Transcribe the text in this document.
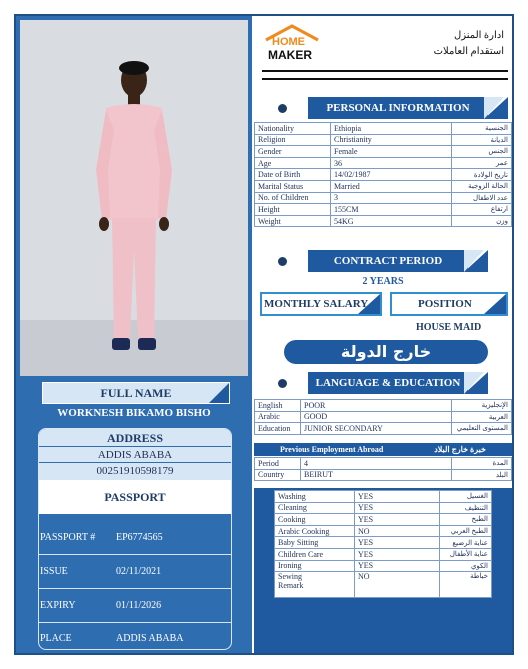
FULL NAME
WORKNESH BIKAMO BISHO
ADDRESS
ADDIS ABABA
00251910598179
PASSPORT
PASSPORT # EP6774565
ISSUE	02/11/2021
EXPIRY	01/11/2026
PLACE	ADDIS ABABA
HOME
MAKER
ادارة المنزل
استقدام العاملات
PERSONAL INFORMATION
Nationality	Ethiopia	الجنسية
Religion	Christianity	الديانة
Gender	Female	الجنس
Age	36	عمر
Date of Birth	14/02/1987	تاريخ الولادة
Marital Status	Married	الحالة الزوجية
No. of Children	3	عدد الاطفال
Height	155CM	ارتفاع
Weight	54KG	وزن
CONTRACT PERIOD
2 YEARS
MONTHLY SALARY	POSITION
HOUSE MAID
خارج الدولة
LANGUAGE & EDUCATION
English	POOR	الإنجليزية
Arabic	GOOD	العربية
Education	JUNIOR SECONDARY	المستوى التعليمي
Previous Employment Abroad	خبرة خارج البلاد
Period	4	المدة
Country	BEIRUT	البلد
Washing	YES	الغسيل
Cleaning	YES	التنظيف
Cooking	YES	الطبخ
Arabic Cooking	NO	الطبخ العربي
Baby Sitting	YES	عناية الرضيع
Children Care	YES	عناية الأطفال
Ironing	YES	الكوي

Sewing
Remark	NO	خياطة
